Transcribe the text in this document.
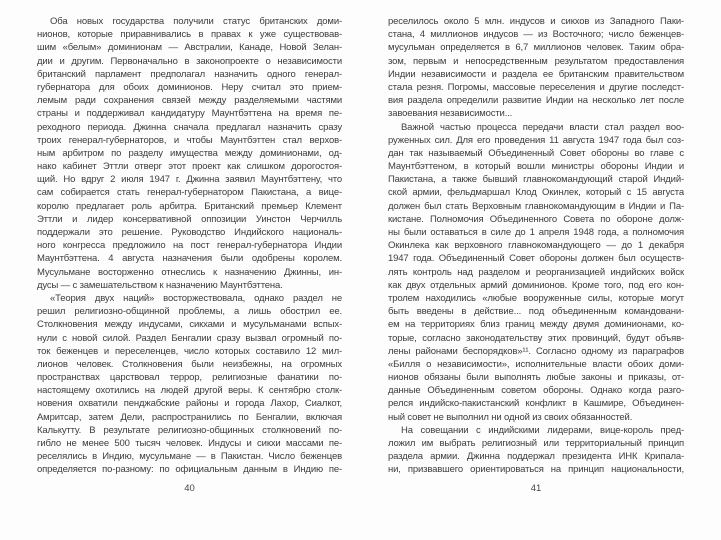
Оба новых государства получили статус британских доми-
нионов, которые приравнивались в правах к уже существовав-
шим «белым» доминионам — Австралии, Канаде, Новой Зелан-
дии и другим. Первоначально в законопроекте о независимости
британский парламент предполагал назначить одного генерал-
губернатора для обоих доминионов. Неру считал это прием-
лемым ради сохранения связей между разделяемыми частями
страны и поддерживал кандидатуру Маунтбэттена на время пе-
реходного периода. Джинна сначала предлагал назначить сразу
троих генерал-губернаторов, и чтобы Маунтбэттен стал верхов-
ным арбитром по разделу имущества между доминионами, од-
нако кабинет Эттли отверг этот проект как слишком дорогостоя-
щий. Но вдруг 2 июля 1947 г. Джинна заявил Маунтбэттену, что
сам собирается стать генерал-губернатором Пакистана, а вице-
королю предлагает роль арбитра. Британский премьер Клемент
Эттли и лидер консервативной оппозиции Уинстон Черчилль
поддержали это решение. Руководство Индийского националь-
ного конгресса предложило на пост генерал-губернатора Индии
Маунтбэттена. 4 августа назначения были одобрены королем.
Мусульмане восторженно отнеслись к назначению Джинны, ин-
дусы — с замешательством к назначению Маунтбэттена.
«Теория двух наций» восторжествовала, однако раздел не
решил религиозно-общинной проблемы, а лишь обострил ее.
Столкновения между индусами, сикхами и мусульманами вспых-
нули с новой силой. Раздел Бенгалии сразу вызвал огромный по-
ток беженцев и переселенцев, число которых составило 12 мил-
лионов человек. Столкновения были неизбежны, на огромных
пространствах царствовал террор, религиозные фанатики по-
настоящему охотились на людей другой веры. К сентябрю столк-
новения охватили пенджабские районы и города Лахор, Сиалкот,
Амритсар, затем Дели, распространились по Бенгалии, включая
Калькутту. В результате религиозно-общинных столкновений по-
гибло не менее 500 тысяч человек. Индусы и сикхи массами пе-
реселялись в Индию, мусульмане — в Пакистан. Число беженцев
определяется по-разному: по официальным данным в Индию пе-
40
реселилось около 5 млн. индусов и сикхов из Западного Паки-
стана, 4 миллионов индусов — из Восточного; число беженцев-
мусульман определяется в 6,7 миллионов человек. Таким обра-
зом, первым и непосредственным результатом предоставления
Индии независимости и раздела ее британским правительством
стала резня. Погромы, массовые переселения и другие последст-
вия раздела определили развитие Индии на несколько лет после
завоевания независимости...
Важной частью процесса передачи власти стал раздел воо-
руженных сил. Для его проведения 11 августа 1947 года был соз-
дан так называемый Объединенный Совет обороны во главе с
Маунтбэттеном, в который вошли министры обороны Индии и
Пакистана, а также бывший главнокомандующий старой Индий-
ской армии, фельдмаршал Клод Окинлек, который с 15 августа
должен был стать Верховным главнокомандующим в Индии и Па-
кистане. Полномочия Объединенного Совета по обороне долж-
ны были оставаться в силе до 1 апреля 1948 года, а полномочия
Окинлека как верховного главнокомандующего — до 1 декабря
1947 года. Объединенный Совет обороны должен был осуществ-
лять контроль над разделом и реорганизацией индийских войск
как двух отдельных армий доминионов. Кроме того, под его кон-
тролем находились «любые вооруженные силы, которые могут
быть введены в действие... под объединенным командовани-
ем на территориях близ границ между двумя доминионами, ко-
торые, согласно законодательству этих провинций, будут объяв-
лены районами беспорядков»¹¹. Согласно одному из параграфов
«Билля о независимости», исполнительные власти обоих доми-
нионов обязаны были выполнять любые законы и приказы, от-
данные Объединенным советом обороны. Однако когда разго-
релся индийско-пакистанский конфликт в Кашмире, Объединен-
ный совет не выполнил ни одной из своих обязанностей.
На совещании с индийскими лидерами, вице-король пред-
ложил им выбрать религиозный или территориальный принцип
раздела армии. Джинна поддержал президента ИНК Крипала-
ни, призвавшего ориентироваться на принцип национальности,
41
